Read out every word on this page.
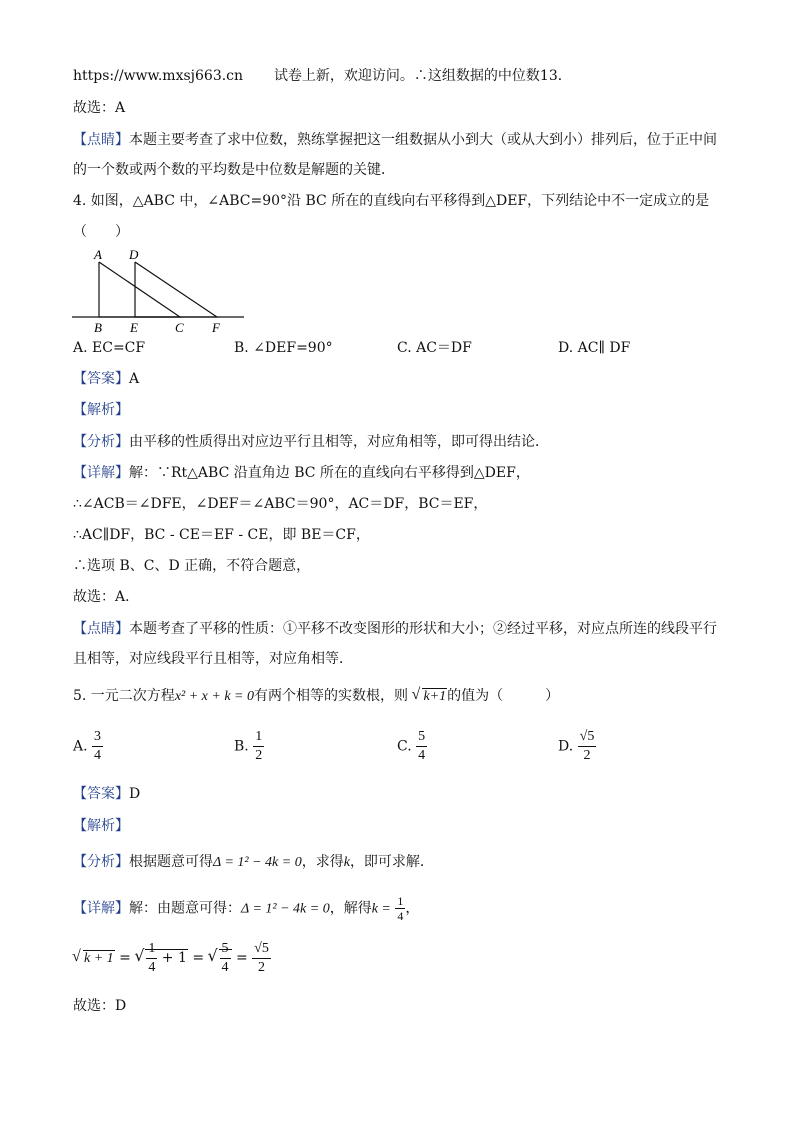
https://www.mxsj663.cn 试卷上新，欢迎访问。∴这组数据的中位数13．
故选：A
【点睛】本题主要考查了求中位数，熟练掌握把这一组数据从小到大（或从大到小）排列后，位于正中间
的一个数或两个数的平均数是中位数是解题的关键．
4. 如图，△ABC 中，∠ABC=90°沿 BC 所在的直线向右平移得到△DEF，下列结论中不一定成立的是
（　　）
A D
B E	C F
A. EC=CF	B. ∠DEF=90°	C. AC＝DF	D. AC∥ DF
【答案】A
【解析】
【分析】由平移的性质得出对应边平行且相等，对应角相等，即可得出结论．
【详解】解：∵Rt△ABC 沿直角边 BC 所在的直线向右平移得到△DEF，
∴∠ACB＝∠DFE，∠DEF＝∠ABC＝90°，AC＝DF，BC＝EF，
∴AC∥DF，BC - CE＝EF - CE，即 BE＝CF，
∴选项 B、C、D 正确，不符合题意，
故选：A．
【点睛】本题考查了平移的性质：①平移不改变图形的形状和大小；②经过平移，对应点所连的线段平行
且相等，对应线段平行且相等，对应角相等．
5. 一元二次方程x² + x + k = 0有两个相等的实数根，则 √ k+1的值为（　　　）
A. $\frac{3}{4}$	B. $\frac{1}{2}$	C. $\frac{5}{4}$	D. $\frac{√5}{2}$
【答案】D
【解析】
【分析】根据题意可得Δ = 1² − 4k = 0，求得k，即可求解．
【详解】解：由题意可得：Δ = 1² − 4k = 0，解得$k = \frac{1}{4}$ ，
√ k + 1 = √ $\frac{1}{4} + 1$ = √ $\frac{5}{4} = \frac{√5}{2}$
故选：D
